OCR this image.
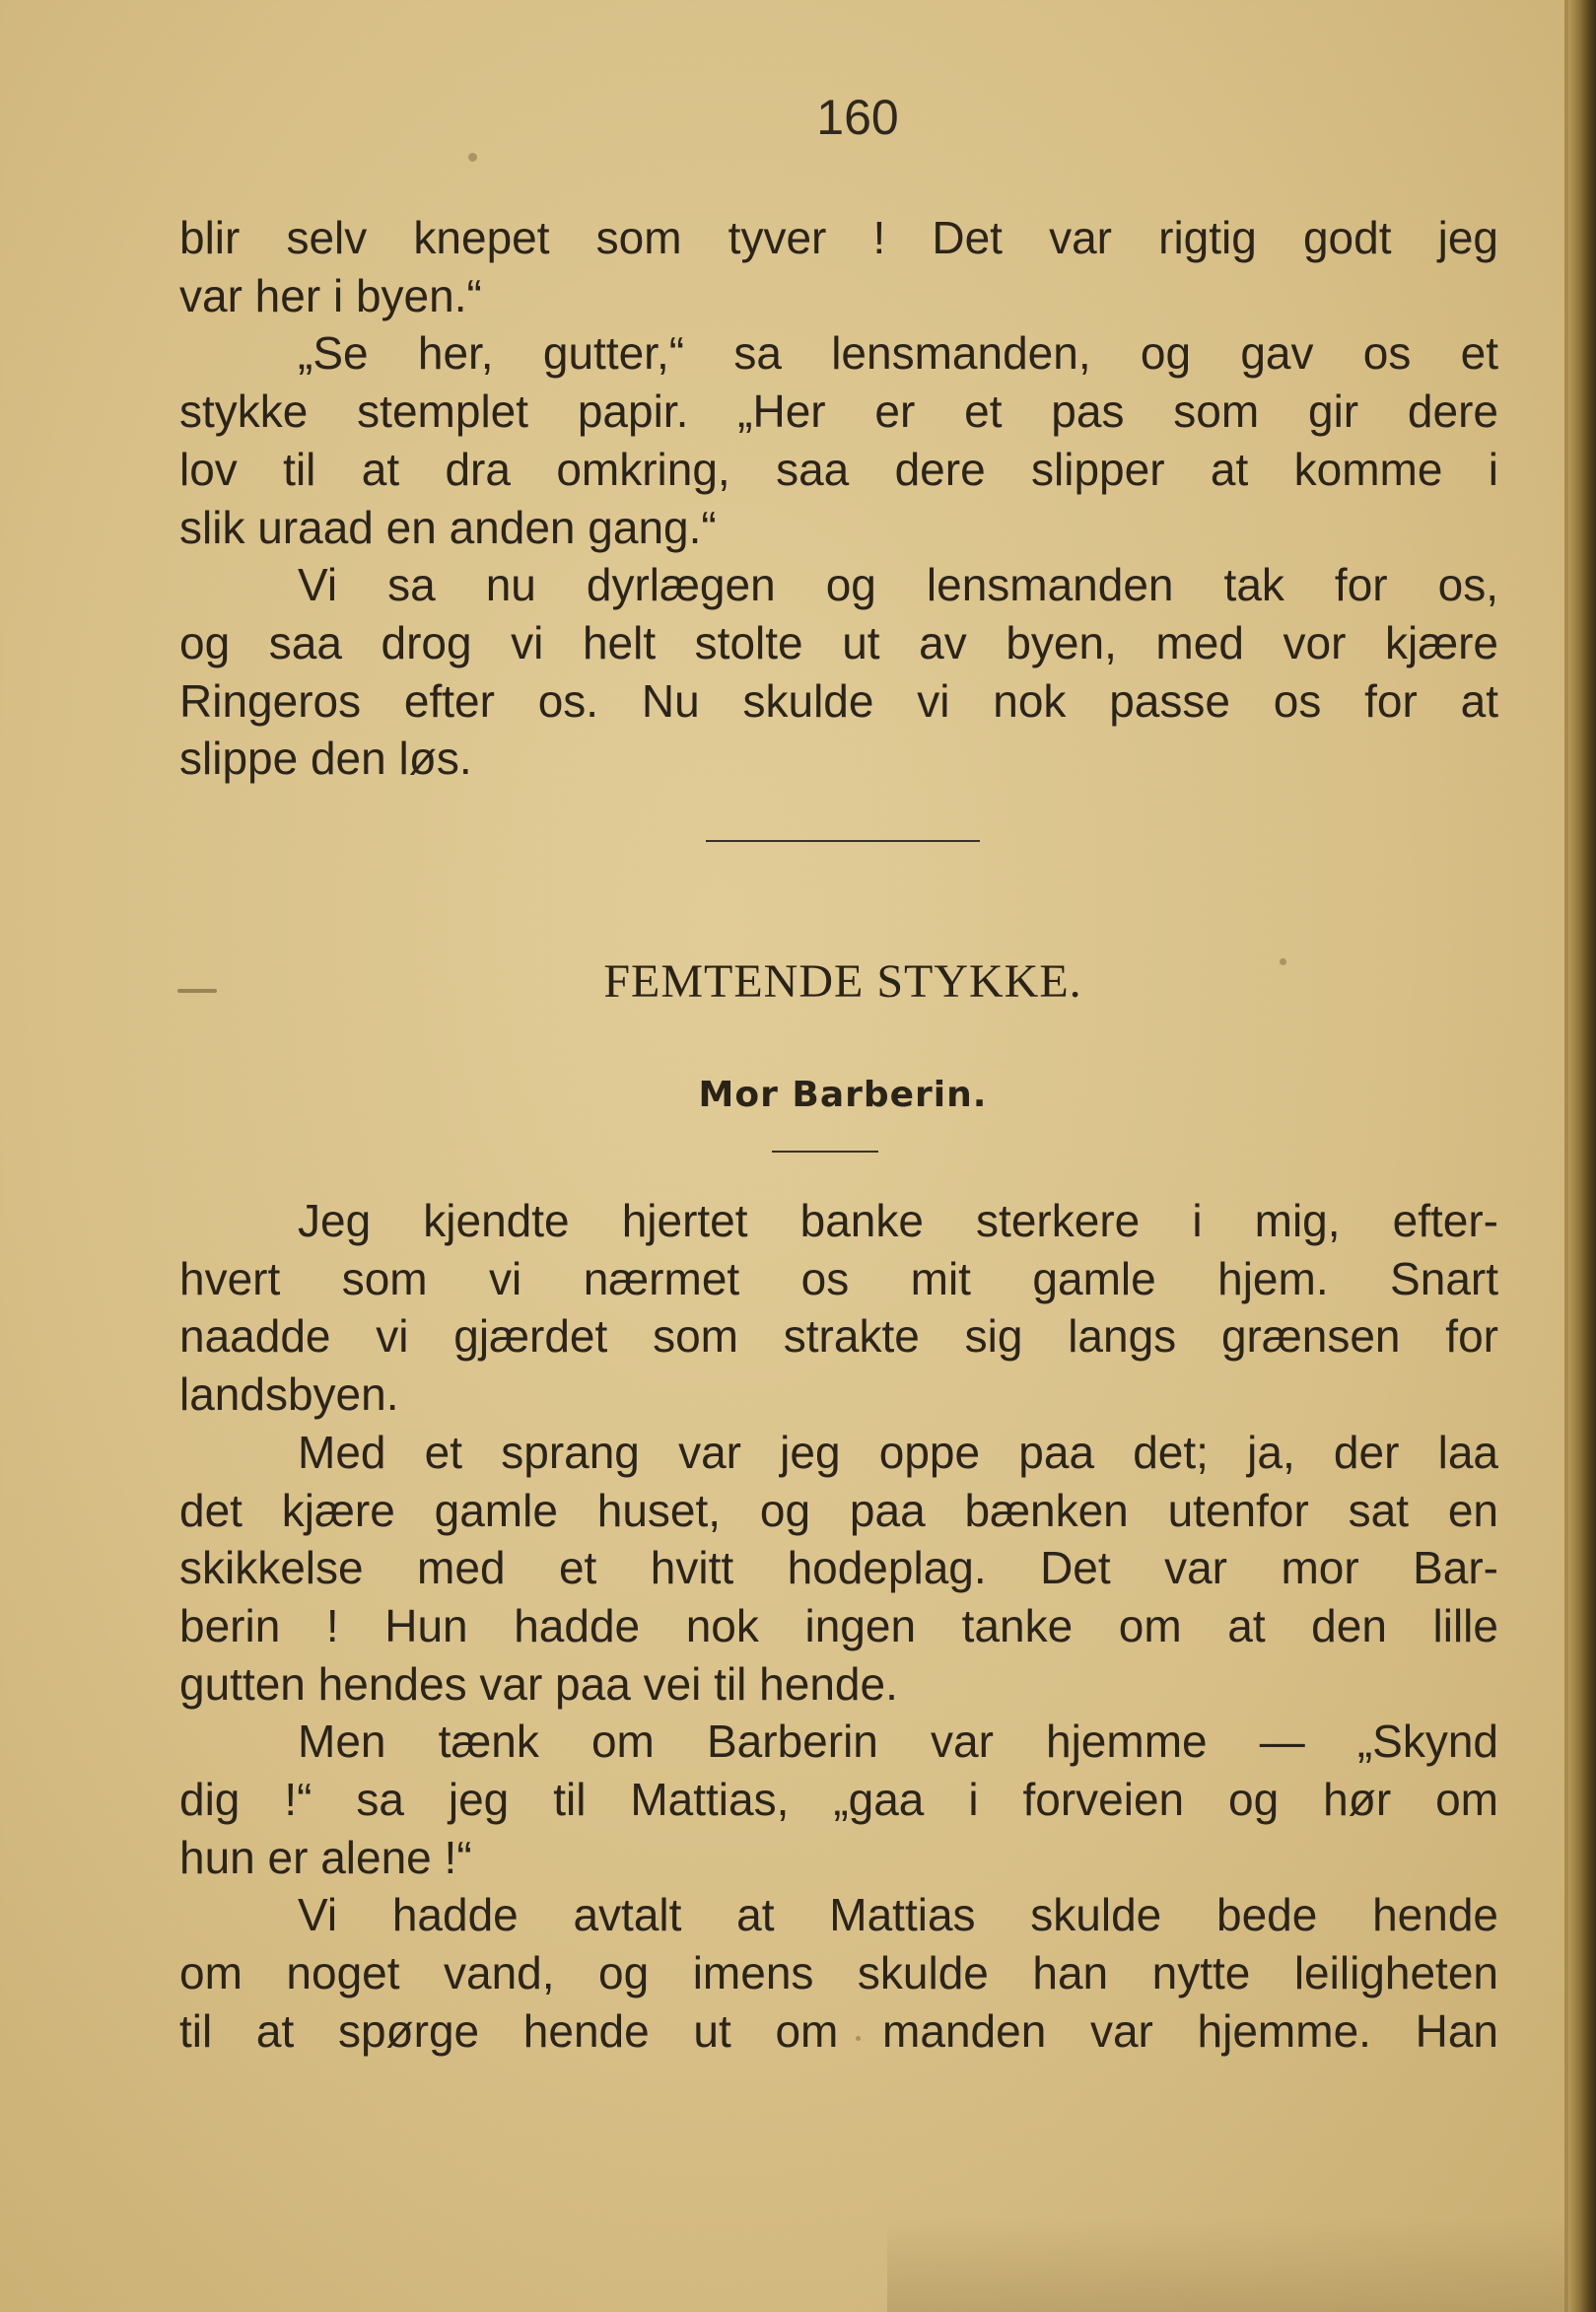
160
blir selv knepet som tyver ! Det var rigtig godt jeg
var her i byen.“
„Se her, gutter,“ sa lensmanden, og gav os et
stykke stemplet papir. „Her er et pas som gir dere
lov til at dra omkring, saa dere slipper at komme i
slik uraad en anden gang.“
Vi sa nu dyrlægen og lensmanden tak for os,
og saa drog vi helt stolte ut av byen, med vor kjære
Ringeros efter os. Nu skulde vi nok passe os for at
slippe den løs.
FEMTENDE STYKKE.
Mor Barberin.
Jeg kjendte hjertet banke sterkere i mig, efter-
hvert som vi nærmet os mit gamle hjem. Snart
naadde vi gjærdet som strakte sig langs grænsen for
landsbyen.
Med et sprang var jeg oppe paa det; ja, der laa
det kjære gamle huset, og paa bænken utenfor sat en
skikkelse med et hvitt hodeplag. Det var mor Bar-
berin ! Hun hadde nok ingen tanke om at den lille
gutten hendes var paa vei til hende.
Men tænk om Barberin var hjemme — „Skynd
dig !“ sa jeg til Mattias, „gaa i forveien og hør om
hun er alene !“
Vi hadde avtalt at Mattias skulde bede hende
om noget vand, og imens skulde han nytte leiligheten
til at spørge hende ut om manden var hjemme. Han
